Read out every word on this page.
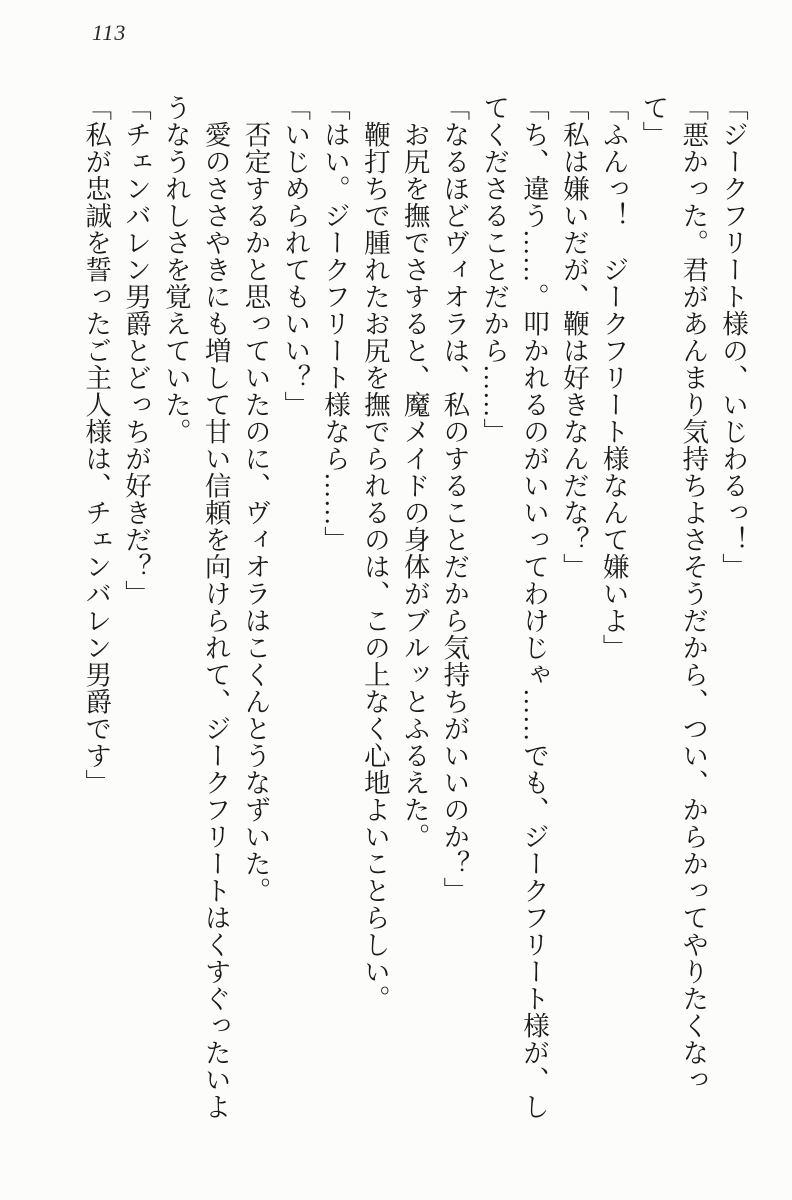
113

「ジークフリート様の、いじわるっ！」

「悪かった。君があんまり気持ちよさそうだから、つい、からかってやりたくなっ

て」

「ふんっ！　ジークフリート様なんて嫌いよ」

「私は嫌いだが、鞭は好きなんだな？」

「ち、違う……。叩かれるのがいいってわけじゃ……でも、ジークフリート様が、し

てくださることだから……」

「なるほどヴィオラは、私のすることだから気持ちがいいのか？」

　お尻を撫でさすると、魔メイドの身体がブルッとふるえた。

　鞭打ちで腫れたお尻を撫でられるのは、この上なく心地よいことらしい。

「はい。ジークフリート様なら……」

「いじめられてもいい？」

　否定するかと思っていたのに、ヴィオラはこくんとうなずいた。

　愛のささやきにも増して甘い信頼を向けられて、ジークフリートはくすぐったいよ

うなうれしさを覚えていた。

「チェンバレン男爵とどっちが好きだ？」

「私が忠誠を誓ったご主人様は、チェンバレン男爵です」
